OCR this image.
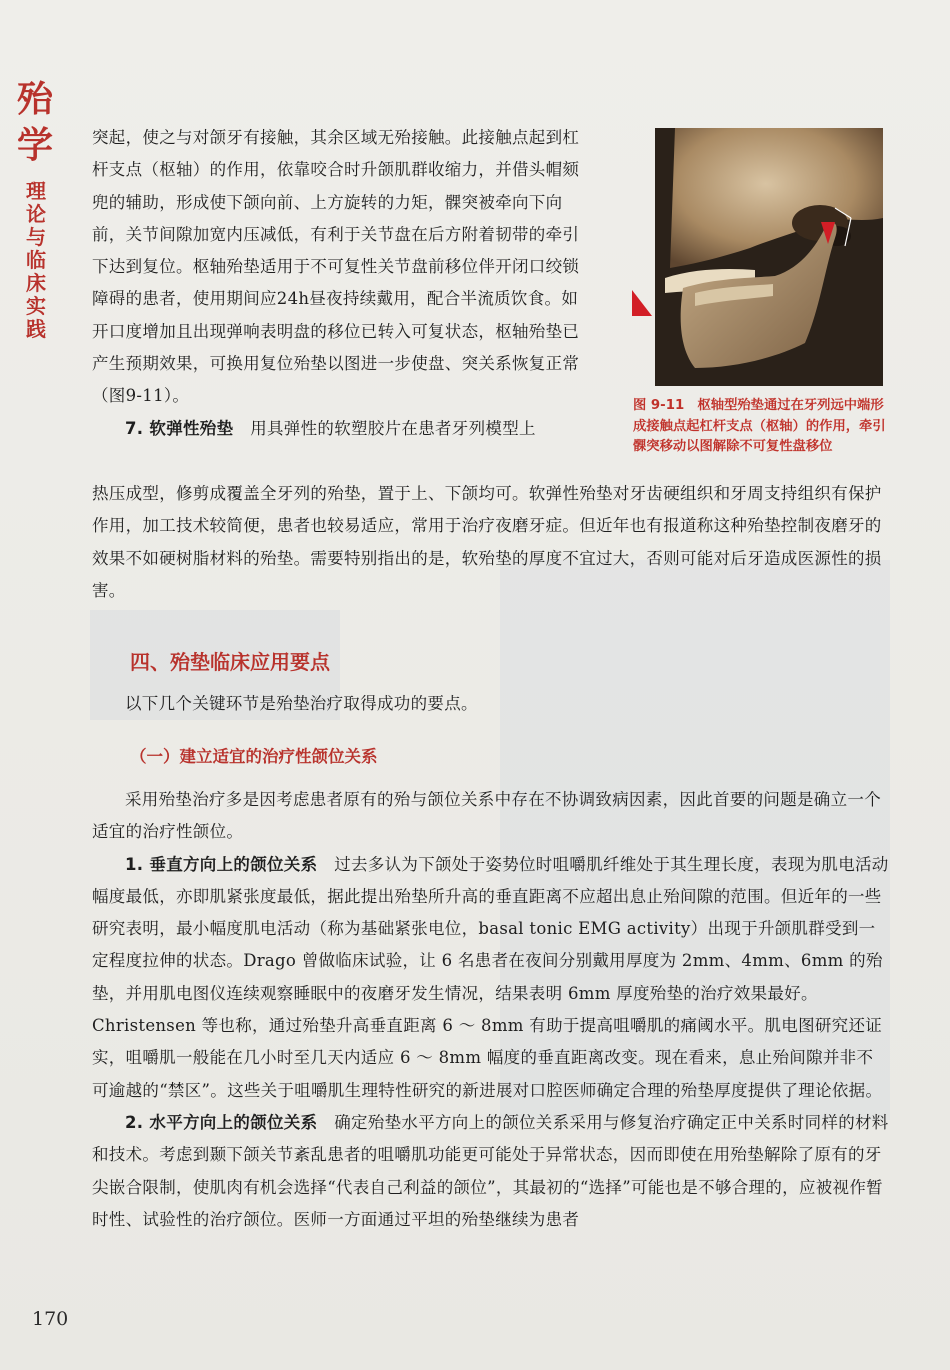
殆学
理论与临床实践

突起，使之与对颌牙有接触，其余区域无殆接触。此接触点起到杠杆支点（枢轴）的作用，依靠咬合时升颌肌群收缩力，并借头帽颏兜的辅助，形成使下颌向前、上方旋转的力矩，髁突被牵向下向前，关节间隙加宽内压减低，有利于关节盘在后方附着韧带的牵引下达到复位。枢轴殆垫适用于不可复性关节盘前移位伴开闭口绞锁障碍的患者，使用期间应24h昼夜持续戴用，配合半流质饮食。如开口度增加且出现弹响表明盘的移位已转入可复状态，枢轴殆垫已产生预期效果，可换用复位殆垫以图进一步使盘、突关系恢复正常（图9-11）。

7. 软弹性殆垫　用具弹性的软塑胶片在患者牙列模型上

图 9-11　枢轴型殆垫通过在牙列远中端形成接触点起杠杆支点（枢轴）的作用，牵引髁突移动以图解除不可复性盘移位

热压成型，修剪成覆盖全牙列的殆垫，置于上、下颌均可。软弹性殆垫对牙齿硬组织和牙周支持组织有保护作用，加工技术较简便，患者也较易适应，常用于治疗夜磨牙症。但近年也有报道称这种殆垫控制夜磨牙的效果不如硬树脂材料的殆垫。需要特别指出的是，软殆垫的厚度不宜过大，否则可能对后牙造成医源性的损害。

四、殆垫临床应用要点

以下几个关键环节是殆垫治疗取得成功的要点。

（一）建立适宜的治疗性颌位关系

采用殆垫治疗多是因考虑患者原有的殆与颌位关系中存在不协调致病因素，因此首要的问题是确立一个适宜的治疗性颌位。

1. 垂直方向上的颌位关系　过去多认为下颌处于姿势位时咀嚼肌纤维处于其生理长度，表现为肌电活动幅度最低，亦即肌紧张度最低，据此提出殆垫所升高的垂直距离不应超出息止殆间隙的范围。但近年的一些研究表明，最小幅度肌电活动（称为基础紧张电位，basal tonic EMG activity）出现于升颌肌群受到一定程度拉伸的状态。Drago 曾做临床试验，让 6 名患者在夜间分别戴用厚度为 2mm、4mm、6mm 的殆垫，并用肌电图仪连续观察睡眠中的夜磨牙发生情况，结果表明 6mm 厚度殆垫的治疗效果最好。Christensen 等也称，通过殆垫升高垂直距离 6 ～ 8mm 有助于提高咀嚼肌的痛阈水平。肌电图研究还证实，咀嚼肌一般能在几小时至几天内适应 6 ～ 8mm 幅度的垂直距离改变。现在看来，息止殆间隙并非不可逾越的“禁区”。这些关于咀嚼肌生理特性研究的新进展对口腔医师确定合理的殆垫厚度提供了理论依据。

2. 水平方向上的颌位关系　确定殆垫水平方向上的颌位关系采用与修复治疗确定正中关系时同样的材料和技术。考虑到颞下颌关节紊乱患者的咀嚼肌功能更可能处于异常状态，因而即使在用殆垫解除了原有的牙尖嵌合限制，使肌肉有机会选择“代表自己利益的颌位”，其最初的“选择”可能也是不够合理的，应被视作暂时性、试验性的治疗颌位。医师一方面通过平坦的殆垫继续为患者

170
